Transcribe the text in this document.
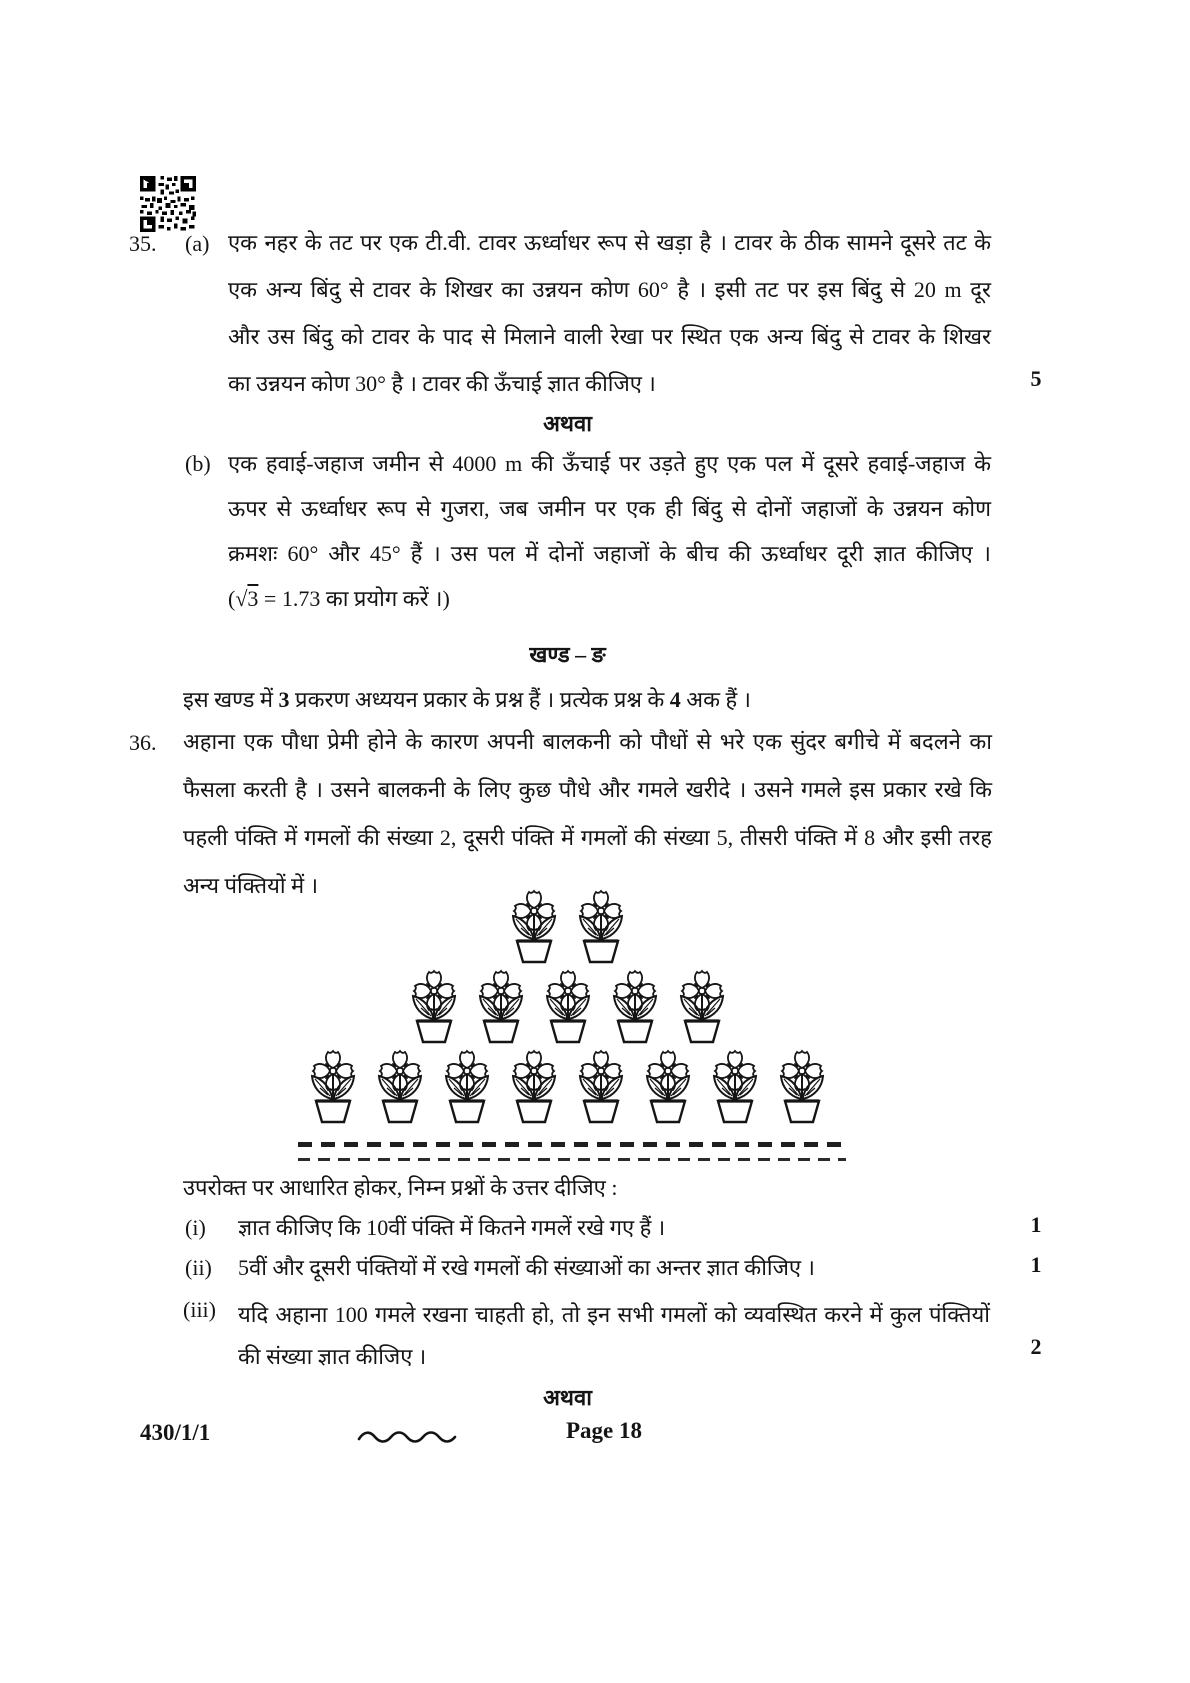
35. (a) एक नहर के तट पर एक टी.वी. टावर ऊर्ध्वाधर रूप से खड़ा है । टावर के ठीक सामने दूसरे तट के
एक अन्य बिंदु से टावर के शिखर का उन्नयन कोण 60° है । इसी तट पर इस बिंदु से 20 m दूर
और उस बिंदु को टावर के पाद से मिलाने वाली रेखा पर स्थित एक अन्य बिंदु से टावर के शिखर
का उन्नयन कोण 30° है । टावर की ऊँचाई ज्ञात कीजिए ।	5
अथवा
(b) एक हवाई-जहाज जमीन से 4000 m की ऊँचाई पर उड़ते हुए एक पल में दूसरे हवाई-जहाज के
ऊपर से ऊर्ध्वाधर रूप से गुजरा, जब जमीन पर एक ही बिंदु से दोनों जहाजों के उन्नयन कोण
क्रमशः 60° और 45° हैं । उस पल में दोनों जहाजों के बीच की ऊर्ध्वाधर दूरी ज्ञात कीजिए ।
(√3 = 1.73 का प्रयोग करें ।)
खण्ड – ङ
इस खण्ड में 3 प्रकरण अध्ययन प्रकार के प्रश्न हैं । प्रत्येक प्रश्न के 4 अक हैं ।
36. अहाना एक पौधा प्रेमी होने के कारण अपनी बालकनी को पौधों से भरे एक सुंदर बगीचे में बदलने का
फैसला करती है । उसने बालकनी के लिए कुछ पौधे और गमले खरीदे । उसने गमले इस प्रकार रखे कि
पहली पंक्ति में गमलों की संख्या 2, दूसरी पंक्ति में गमलों की संख्या 5, तीसरी पंक्ति में 8 और इसी तरह
अन्य पंक्तियों में ।
उपरोक्त पर आधारित होकर, निम्न प्रश्नों के उत्तर दीजिए :
(i) ज्ञात कीजिए कि 10वीं पंक्ति में कितने गमलें रखे गए हैं ।	1
(ii) 5वीं और दूसरी पंक्तियों में रखे गमलों की संख्याओं का अन्तर ज्ञात कीजिए ।	1
(iii) यदि अहाना 100 गमले रखना चाहती हो, तो इन सभी गमलों को व्यवस्थित करने में कुल पंक्तियों
की संख्या ज्ञात कीजिए ।	2
अथवा
430/1/1	Page 18
